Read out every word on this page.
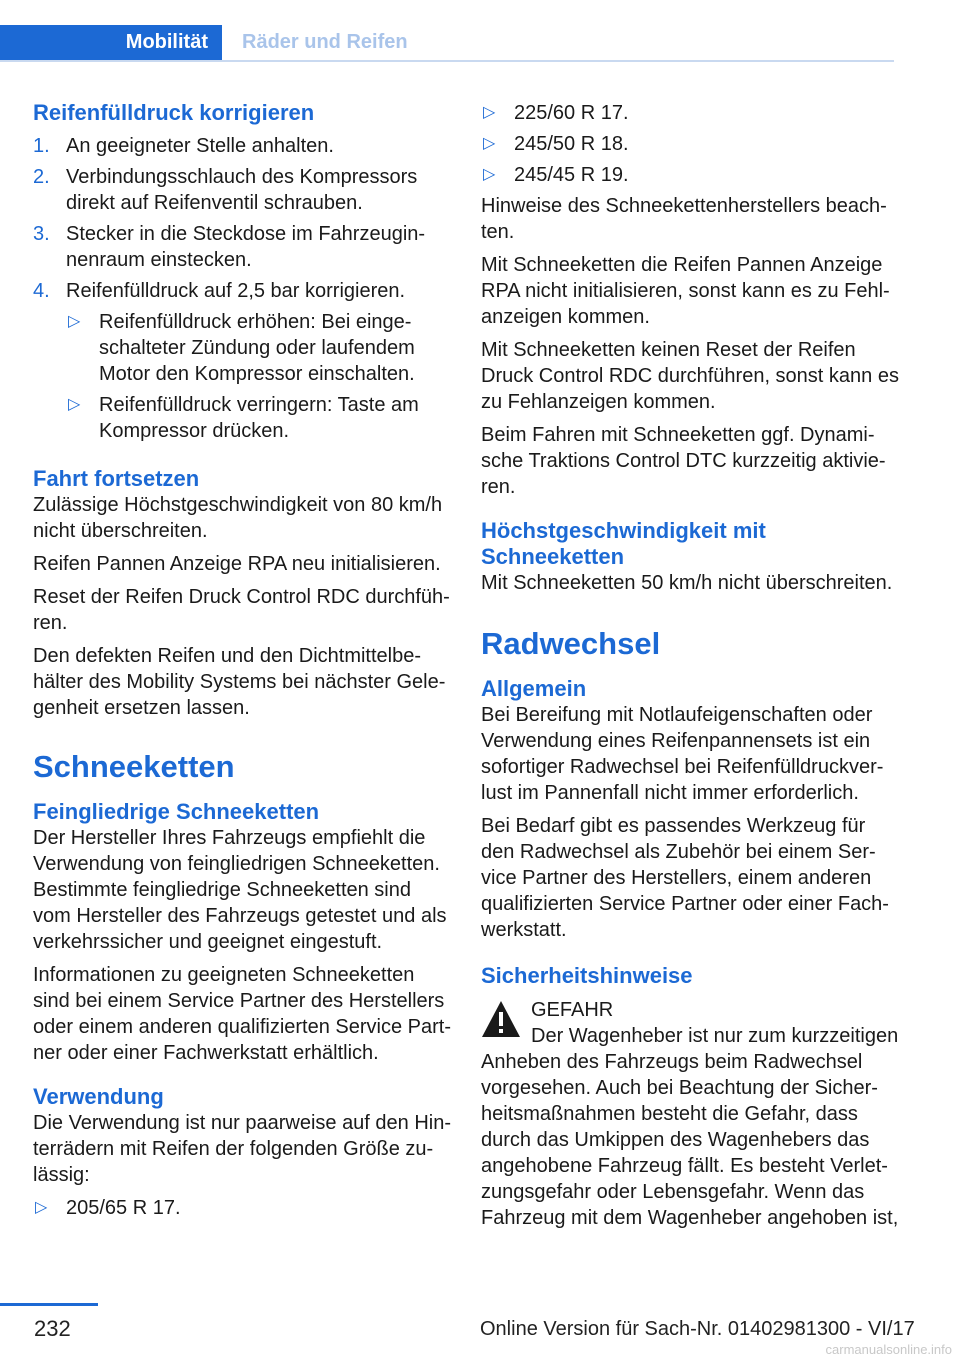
Mobilität	Räder und Reifen
Reifenfülldruck korrigieren
1. An geeigneter Stelle anhalten.
2. Verbindungsschlauch des Kompressors direkt auf Reifenventil schrauben.
3. Stecker in die Steckdose im Fahrzeugin-nenraum einstecken.
4. Reifenfülldruck auf 2,5 bar korrigieren.
▷ Reifenfülldruck erhöhen: Bei einge-schalteter Zündung oder laufendem Motor den Kompressor einschalten.
▷ Reifenfülldruck verringern: Taste am Kompressor drücken.
Fahrt fortsetzen

Zulässige Höchstgeschwindigkeit von 80 km/h nicht überschreiten.

Reifen Pannen Anzeige RPA neu initialisieren.

Reset der Reifen Druck Control RDC durchfüh-ren.

Den defekten Reifen und den Dichtmittelbe-hälter des Mobility Systems bei nächster Gele-genheit ersetzen lassen.

Schneeketten
Feingliedrige Schneeketten

Der Hersteller Ihres Fahrzeugs empfiehlt die Verwendung von feingliedrigen Schneeketten. Bestimmte feingliedrige Schneeketten sind vom Hersteller des Fahrzeugs getestet und als verkehrssicher und geeignet eingestuft.

Informationen zu geeigneten Schneeketten sind bei einem Service Partner des Herstellers oder einem anderen qualifizierten Service Part-ner oder einer Fachwerkstatt erhältlich.

Verwendung

Die Verwendung ist nur paarweise auf den Hin-terrädern mit Reifen der folgenden Größe zu-lässig:

▷ 205/65 R 17.
▷ 225/60 R 17.
▷ 245/50 R 18.
▷ 245/45 R 19.

Hinweise des Schneekettenherstellers beach-ten.

Mit Schneeketten die Reifen Pannen Anzeige RPA nicht initialisieren, sonst kann es zu Fehl-anzeigen kommen.

Mit Schneeketten keinen Reset der Reifen Druck Control RDC durchführen, sonst kann es zu Fehlanzeigen kommen.

Beim Fahren mit Schneeketten ggf. Dynami-sche Traktions Control DTC kurzzeitig aktivie-ren.

Höchstgeschwindigkeit mit Schneeketten

Mit Schneeketten 50 km/h nicht überschreiten.

Radwechsel
Allgemein

Bei Bereifung mit Notlaufeigenschaften oder Verwendung eines Reifenpannensets ist ein sofortiger Radwechsel bei Reifenfülldruckver-lust im Pannenfall nicht immer erforderlich.

Bei Bedarf gibt es passendes Werkzeug für den Radwechsel als Zubehör bei einem Ser-vice Partner des Herstellers, einem anderen qualifizierten Service Partner oder einer Fach-werkstatt.

Sicherheitshinweise
GEFAHR

Der Wagenheber ist nur zum kurzzeitigen Anheben des Fahrzeugs beim Radwechsel vorgesehen. Auch bei Beachtung der Sicher-heitsmaßnahmen besteht die Gefahr, dass durch das Umkippen des Wagenhebers das angehobene Fahrzeug fällt. Es besteht Verlet-zungsgefahr oder Lebensgefahr. Wenn das Fahrzeug mit dem Wagenheber angehoben ist,

232	Online Version für Sach-Nr. 01402981300 - VI/17
carmanualsonline.info
